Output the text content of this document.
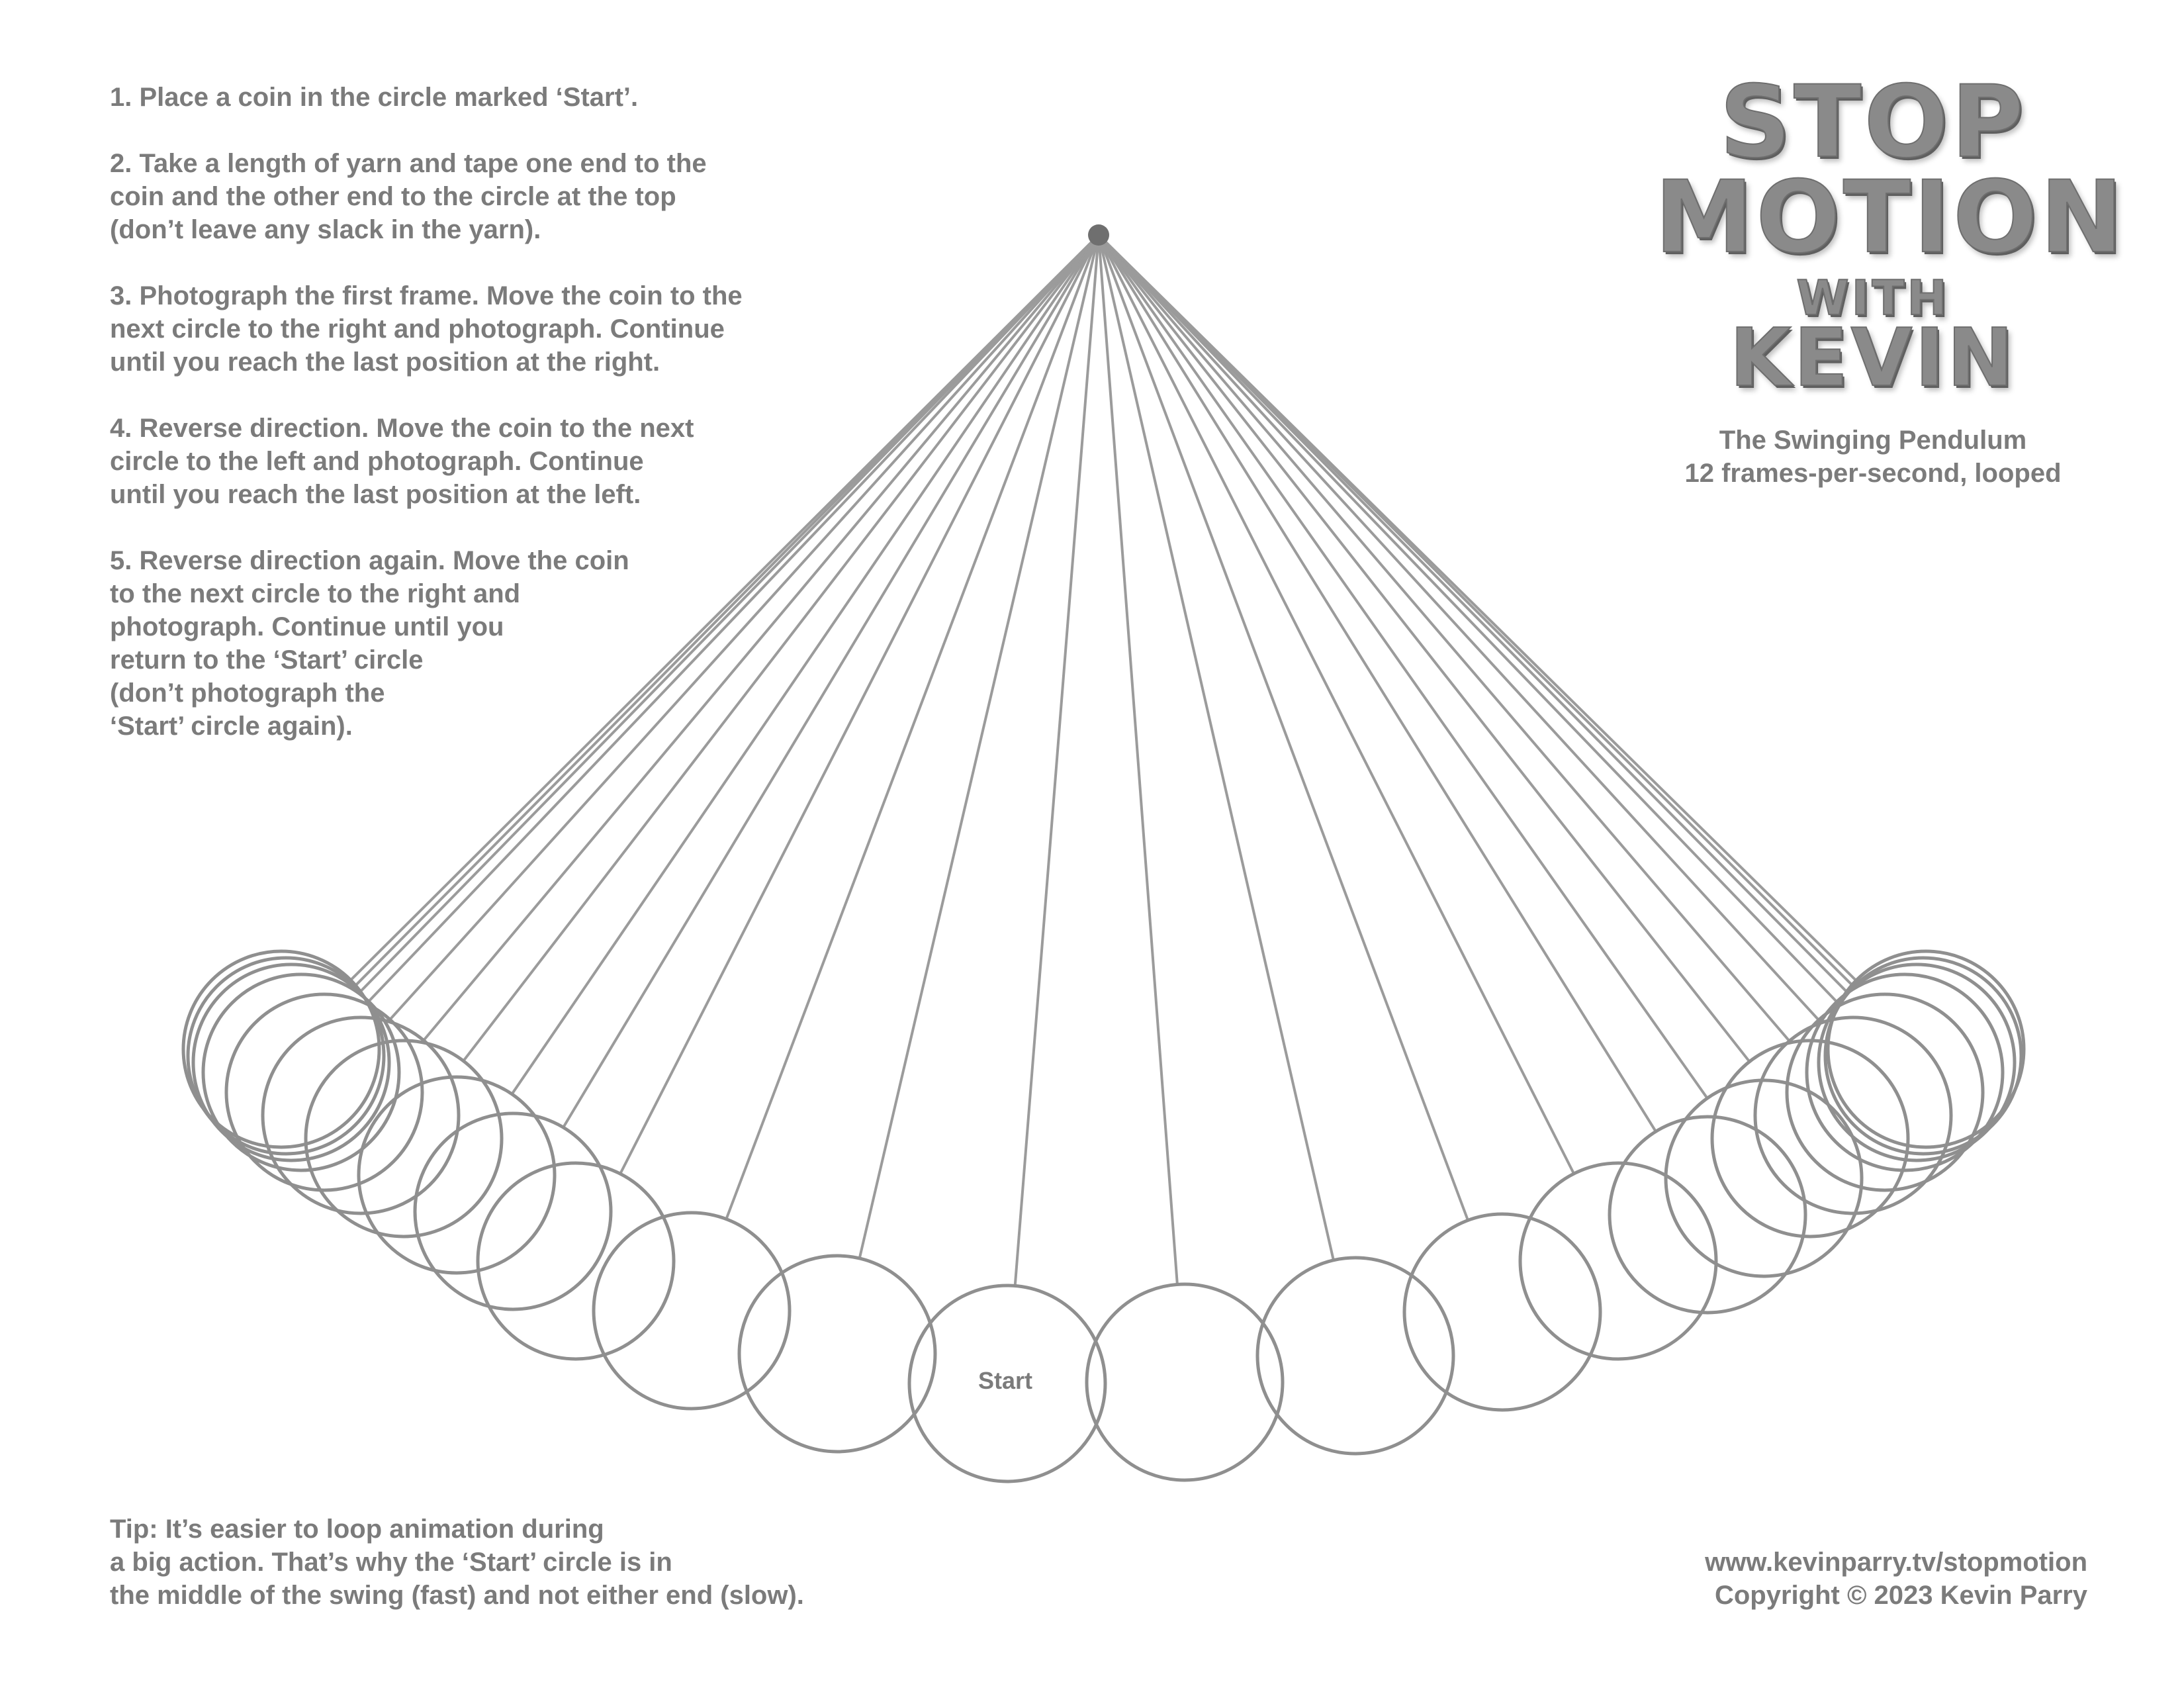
1. Place a coin in the circle marked ‘Start’.

2. Take a length of yarn and tape one end to the
coin and the other end to the circle at the top
(don’t leave any slack in the yarn).

3. Photograph the first frame. Move the coin to the
next circle to the right and photograph. Continue
until you reach the last position at the right.

4. Reverse direction. Move the coin to the next
circle to the left and photograph. Continue
until you reach the last position at the left.

5. Reverse direction again. Move the coin
to the next circle to the right and
photograph. Continue until you
return to the ‘Start’ circle
(don’t photograph the
‘Start’ circle again).

STOP
MOTION
WITH
KEVIN
The Swinging Pendulum
12 frames-per-second, looped
Start
Tip: It’s easier to loop animation during
a big action. That’s why the ‘Start’ circle is in
the middle of the swing (fast) and not either end (slow).
www.kevinparry.tv/stopmotion
Copyright © 2023 Kevin Parry
